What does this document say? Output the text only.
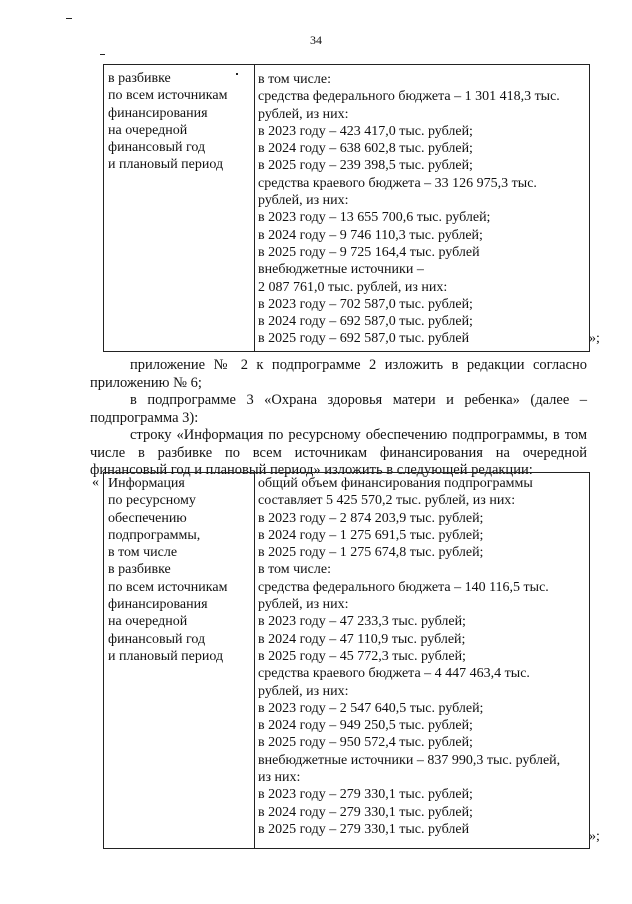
34
в разбивке
по всем источникам
финансирования
на очередной
финансовый год
и плановый период
в том числе:
средства федерального бюджета – 1 301 418,3 тыс.
рублей, из них:
в 2023 году – 423 417,0 тыс. рублей;
в 2024 году – 638 602,8 тыс. рублей;
в 2025 году – 239 398,5 тыс. рублей;
средства краевого бюджета – 33 126 975,3 тыс.
рублей, из них:
в 2023 году – 13 655 700,6 тыс. рублей;
в 2024 году – 9 746 110,3 тыс. рублей;
в 2025 году – 9 725 164,4 тыс. рублей
внебюджетные источники –
2 087 761,0 тыс. рублей, из них:
в 2023 году – 702 587,0 тыс. рублей;
в 2024 году – 692 587,0 тыс. рублей;
в 2025 году – 692 587,0 тыс. рублей	»;
приложение № 2 к подпрограмме 2 изложить в редакции согласно приложению № 6;
в подпрограмме 3 «Охрана здоровья матери и ребенка» (далее – подпрограмма 3):
строку «Информация по ресурсному обеспечению подпрограммы, в том числе в разбивке по всем источникам финансирования на очередной финансовый год и плановый период» изложить в следующей редакции:
« Информация
по ресурсному
обеспечению
подпрограммы,
в том числе
в разбивке
по всем источникам
финансирования
на очередной
финансовый год
и плановый период
общий объем финансирования подпрограммы
составляет 5 425 570,2 тыс. рублей, из них:
в 2023 году – 2 874 203,9 тыс. рублей;
в 2024 году – 1 275 691,5 тыс. рублей;
в 2025 году – 1 275 674,8 тыс. рублей;
в том числе:
средства федерального бюджета – 140 116,5 тыс.
рублей, из них:
в 2023 году – 47 233,3 тыс. рублей;
в 2024 году – 47 110,9 тыс. рублей;
в 2025 году – 45 772,3 тыс. рублей;
средства краевого бюджета – 4 447 463,4 тыс.
рублей, из них:
в 2023 году – 2 547 640,5 тыс. рублей;
в 2024 году – 949 250,5 тыс. рублей;
в 2025 году – 950 572,4 тыс. рублей;
внебюджетные источники – 837 990,3 тыс. рублей,
из них:
в 2023 году – 279 330,1 тыс. рублей;
в 2024 году – 279 330,1 тыс. рублей;
в 2025 году – 279 330,1 тыс. рублей	»;
